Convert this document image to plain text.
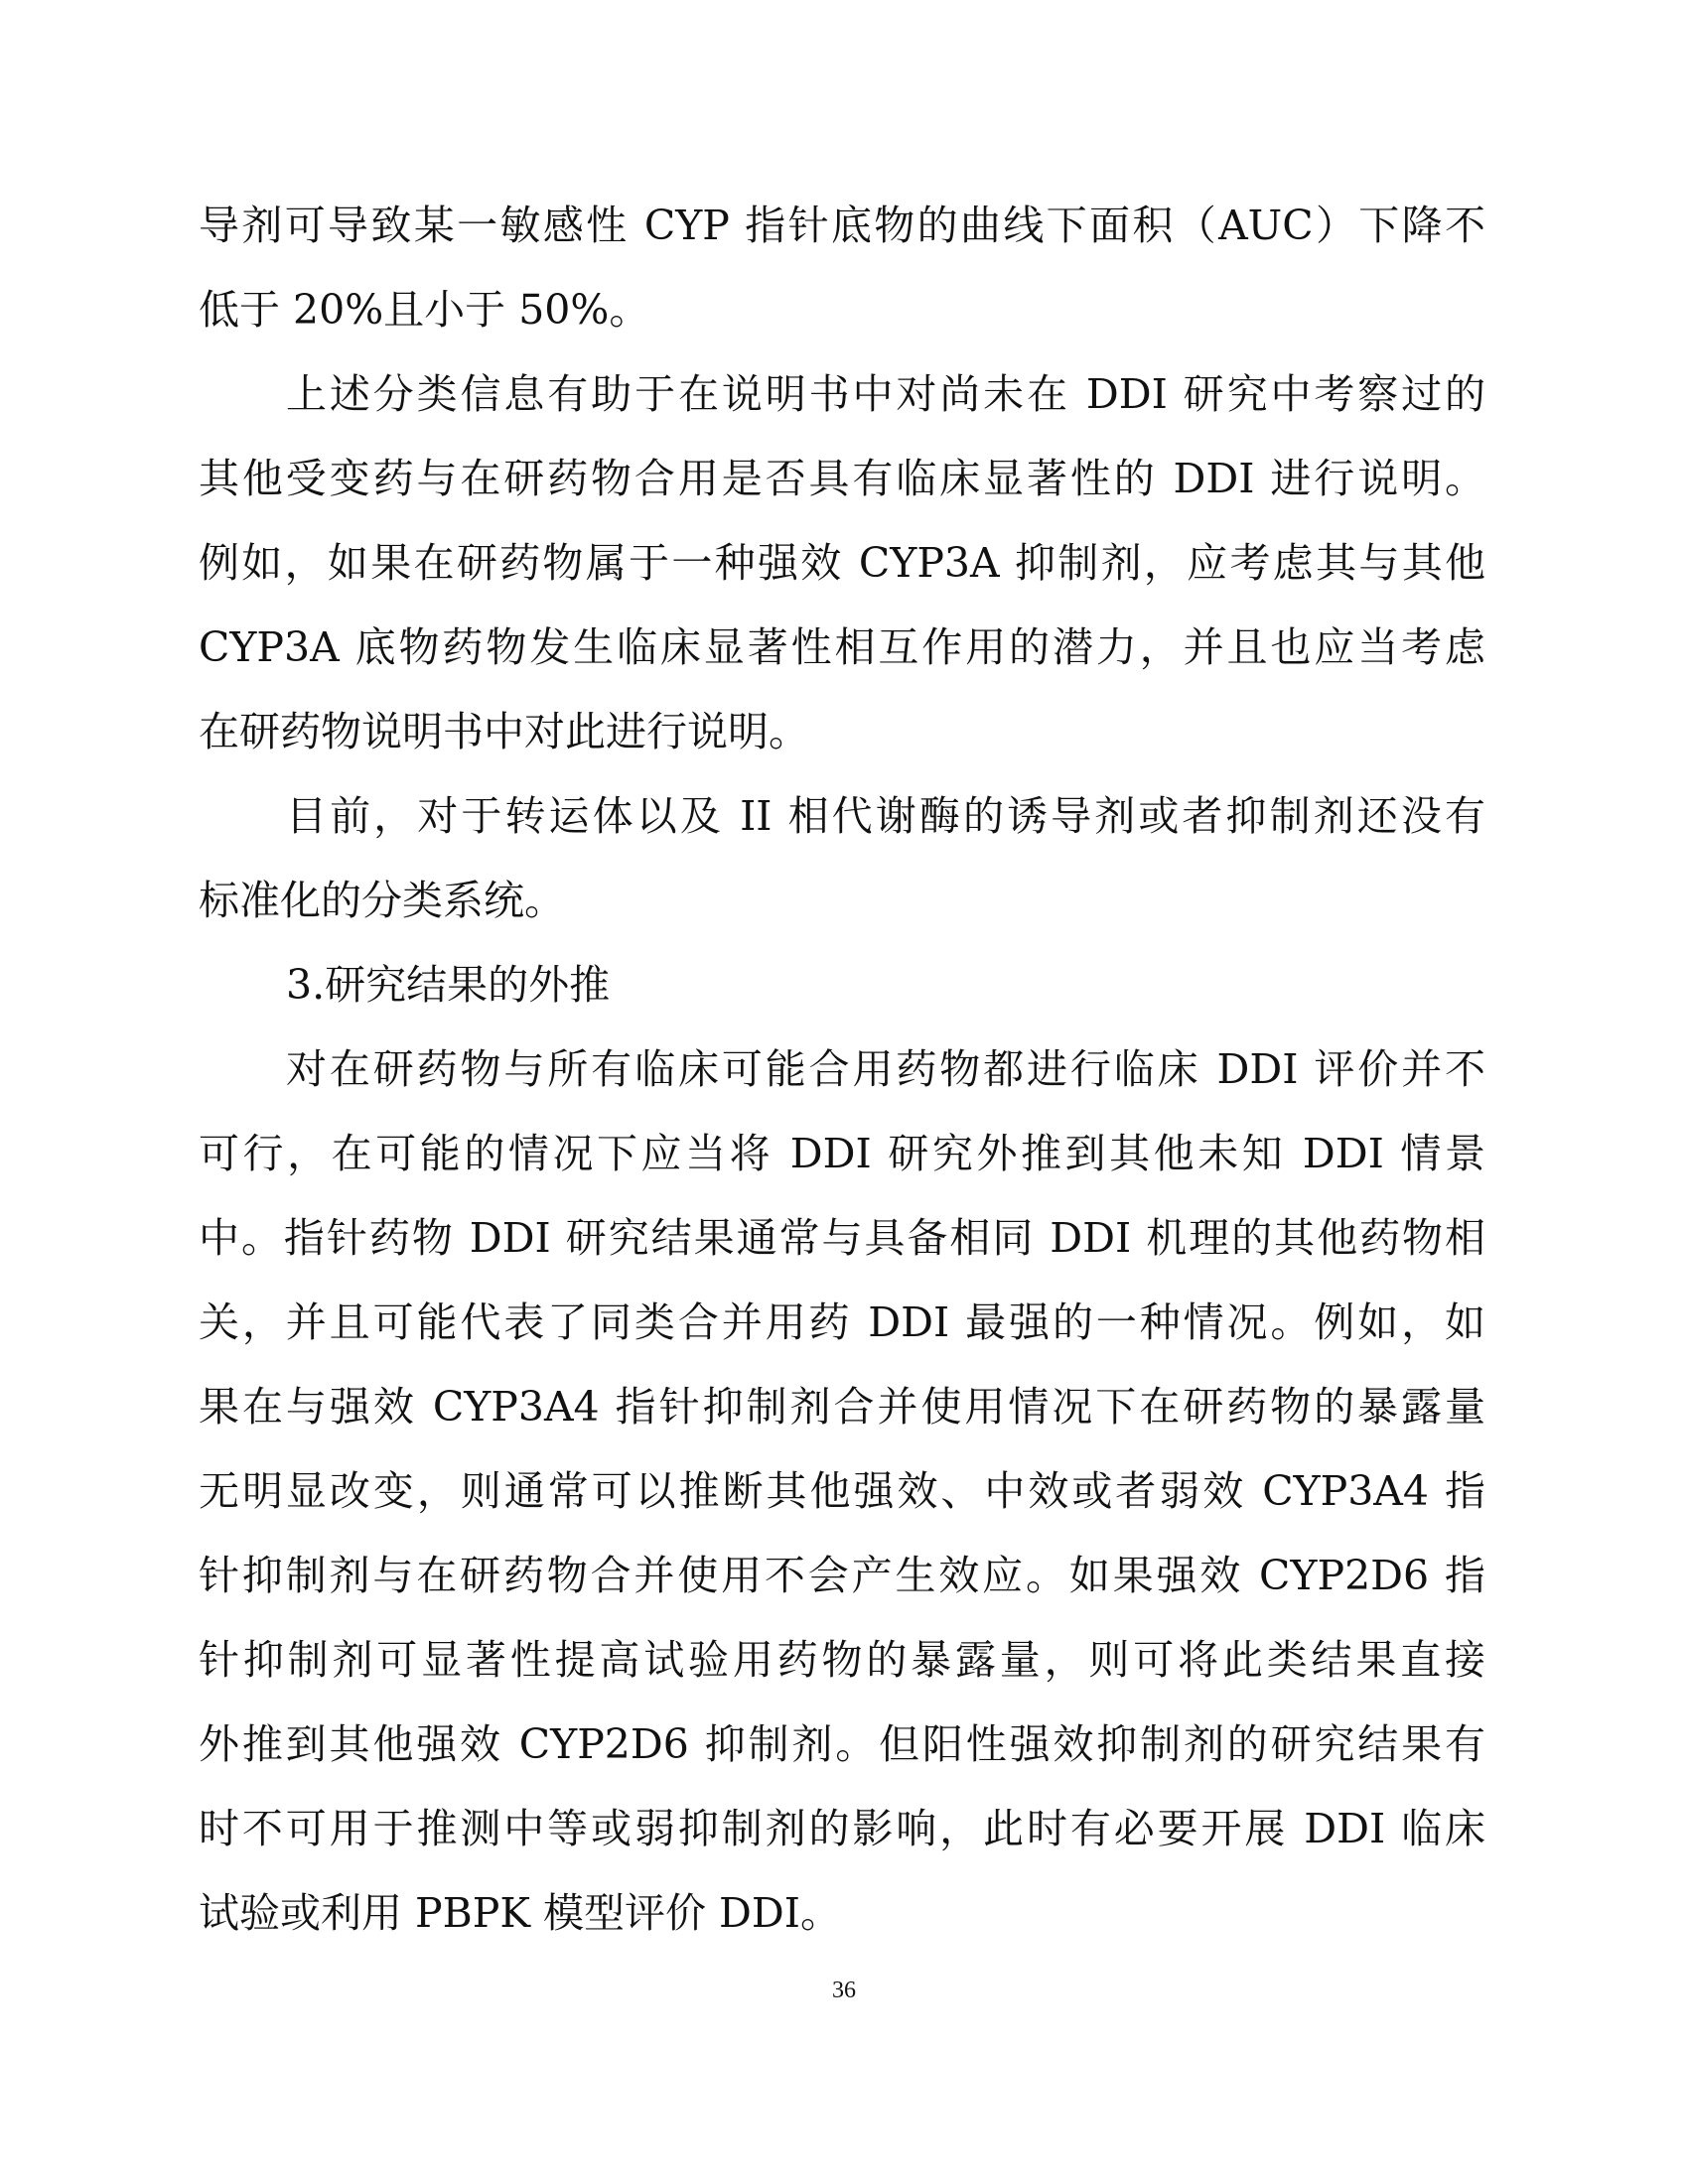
导剂可导致某一敏感性 CYP 指针底物的曲线下面积（AUC）下降不
低于 20%且小于 50%。
上述分类信息有助于在说明书中对尚未在 DDI 研究中考察过的
其他受变药与在研药物合用是否具有临床显著性的 DDI 进行说明。
例如，如果在研药物属于一种强效 CYP3A 抑制剂，应考虑其与其他
CYP3A 底物药物发生临床显著性相互作用的潜力，并且也应当考虑
在研药物说明书中对此进行说明。
目前，对于转运体以及 II 相代谢酶的诱导剂或者抑制剂还没有
标准化的分类系统。
3.研究结果的外推
对在研药物与所有临床可能合用药物都进行临床 DDI 评价并不
可行，在可能的情况下应当将 DDI 研究外推到其他未知 DDI 情景
中。指针药物 DDI 研究结果通常与具备相同 DDI 机理的其他药物相
关，并且可能代表了同类合并用药 DDI 最强的一种情况。例如，如
果在与强效 CYP3A4 指针抑制剂合并使用情况下在研药物的暴露量
无明显改变，则通常可以推断其他强效、中效或者弱效 CYP3A4 指
针抑制剂与在研药物合并使用不会产生效应。如果强效 CYP2D6 指
针抑制剂可显著性提高试验用药物的暴露量，则可将此类结果直接
外推到其他强效 CYP2D6 抑制剂。但阳性强效抑制剂的研究结果有
时不可用于推测中等或弱抑制剂的影响，此时有必要开展 DDI 临床
试验或利用 PBPK 模型评价 DDI。
36
